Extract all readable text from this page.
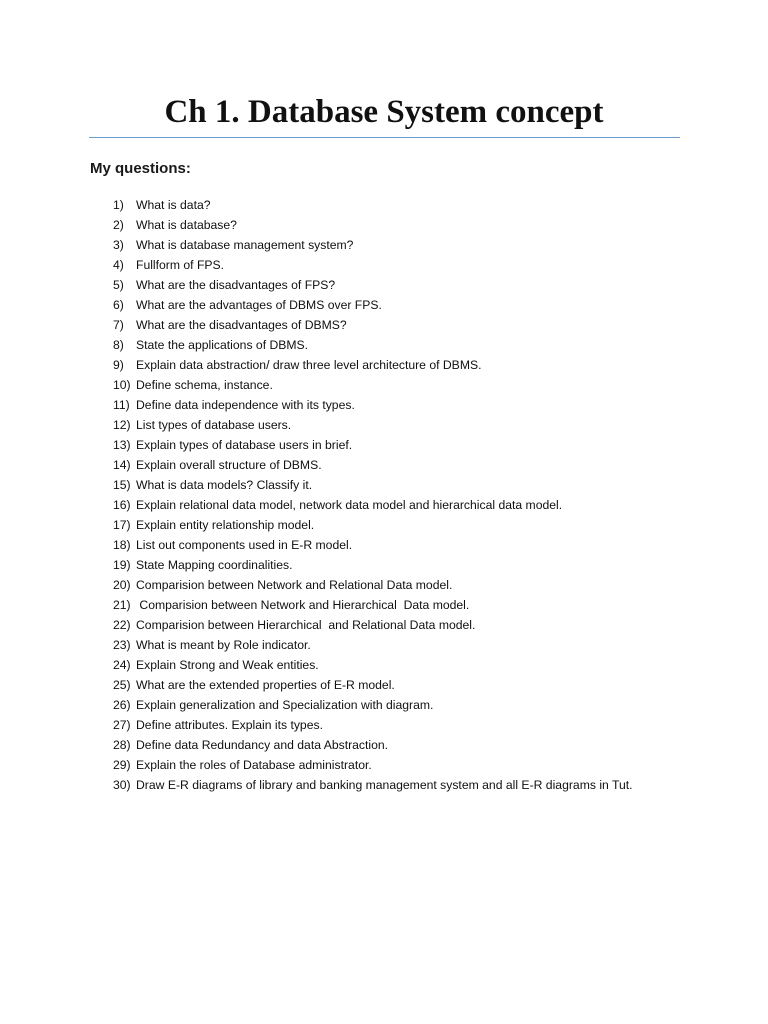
Ch 1. Database System concept
My questions:
1) What is data?
2) What is database?
3) What is database management system?
4) Fullform of FPS.
5) What are the disadvantages of FPS?
6) What are the advantages of DBMS over FPS.
7) What are the disadvantages of DBMS?
8) State the applications of DBMS.
9) Explain data abstraction/ draw three level architecture of DBMS.
10) Define schema, instance.
11) Define data independence with its types.
12) List types of database users.
13) Explain types of database users in brief.
14) Explain overall structure of DBMS.
15) What is data models? Classify it.
16) Explain relational data model, network data model and hierarchical data model.
17) Explain entity relationship model.
18) List out components used in E-R model.
19) State Mapping coordinalities.
20) Comparision between Network and Relational Data model.
21) Comparision between Network and Hierarchical  Data model.
22) Comparision between Hierarchical  and Relational Data model.
23) What is meant by Role indicator.
24) Explain Strong and Weak entities.
25) What are the extended properties of E-R model.
26) Explain generalization and Specialization with diagram.
27) Define attributes. Explain its types.
28) Define data Redundancy and data Abstraction.
29) Explain the roles of Database administrator.
30) Draw E-R diagrams of library and banking management system and all E-R diagrams in Tut.
